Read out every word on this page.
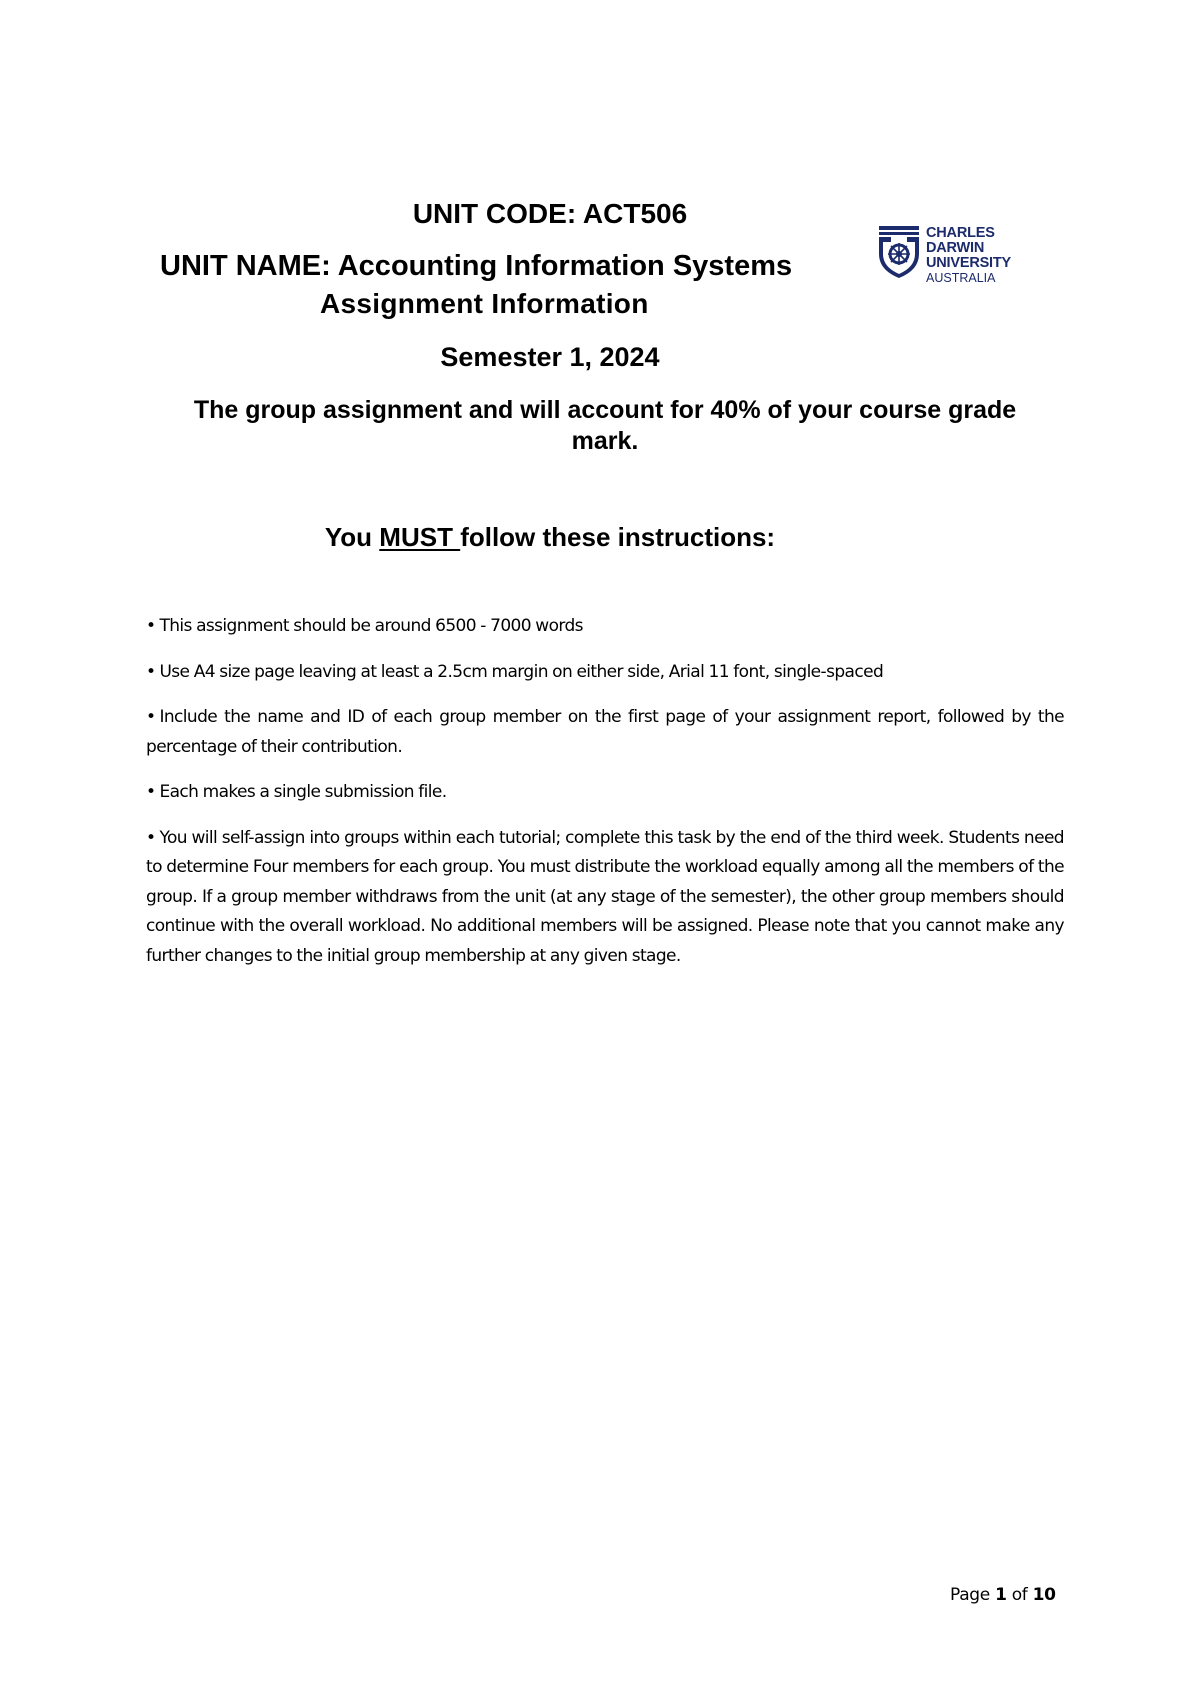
UNIT CODE: ACT506
UNIT NAME: Accounting Information Systems
Assignment Information
Semester 1, 2024
The group assignment and will account for 40% of your course grade mark.
CHARLES
DARWIN
UNIVERSITY
AUSTRALIA
You MUST follow these instructions:

• This assignment should be around 6500 - 7000 words

• Use A4 size page leaving at least a 2.5cm margin on either side, Arial 11 font, single-spaced

• Include the name and ID of each group member on the first page of your assignment report, followed by the percentage of their contribution.

• Each makes a single submission file.

• You will self-assign into groups within each tutorial; complete this task by the end of the third week. Students need to determine Four members for each group. You must distribute the workload equally among all the members of the group. If a group member withdraws from the unit (at any stage of the semester), the other group members should continue with the overall workload. No additional members will be assigned. Please note that you cannot make any further changes to the initial group membership at any given stage.

Page 1 of 10
